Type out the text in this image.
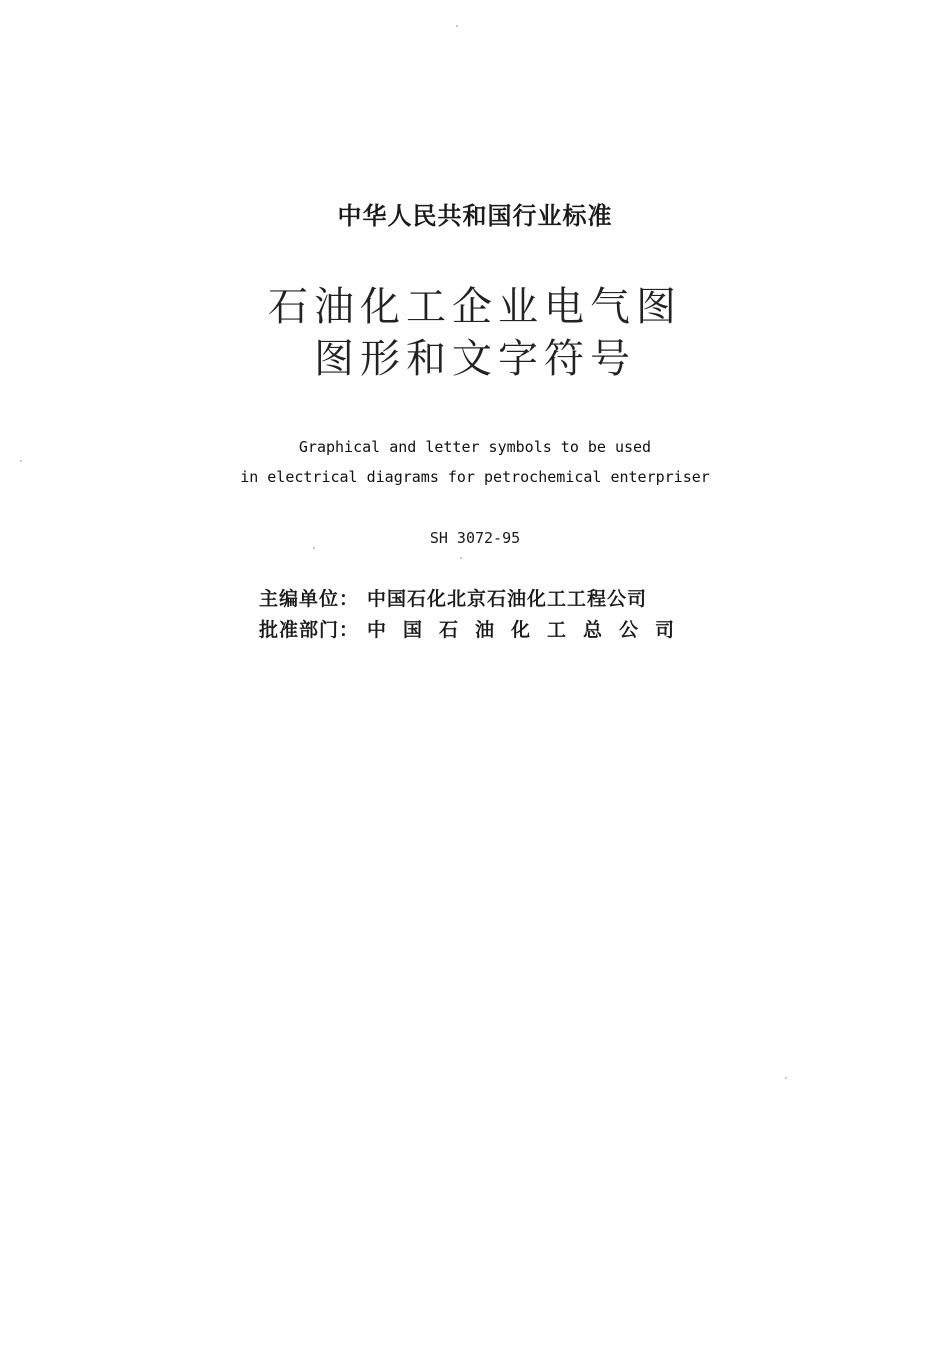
中华人民共和国行业标准
石油化工企业电气图
图形和文字符号
Graphical and letter symbols to be used
in electrical diagrams for petrochemical enterpriser
SH 3072-95
主编单位： 中国石化北京石油化工工程公司
批准部门： 中国石油化工总公司
